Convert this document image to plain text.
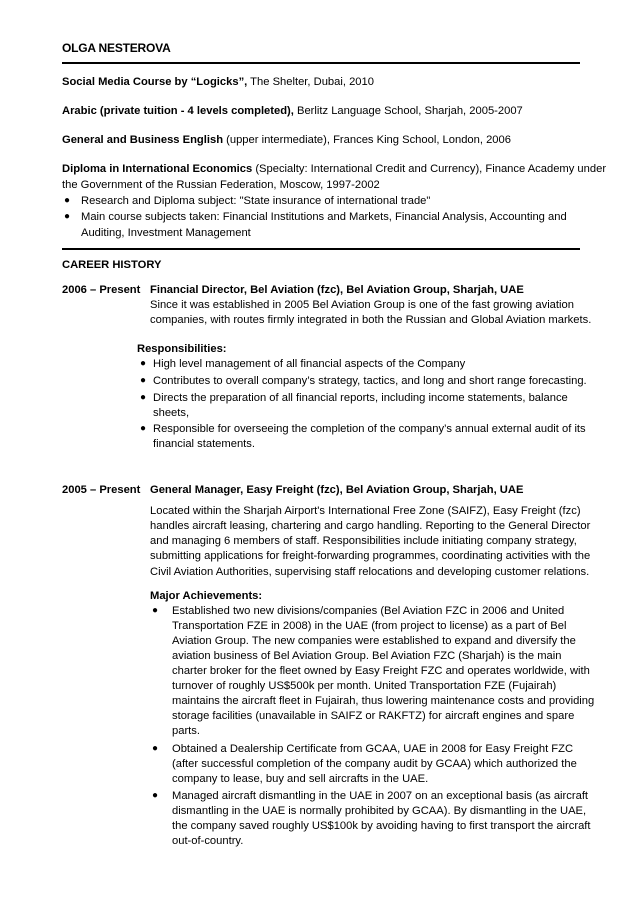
OLGA NESTEROVA
Social Media Course by “Logicks”, The Shelter, Dubai, 2010
Arabic (private tuition - 4 levels completed), Berlitz Language School, Sharjah, 2005-2007
General and Business English (upper intermediate), Frances King School, London, 2006
Diploma in International Economics (Specialty: International Credit and Currency), Finance Academy under
the Government of the Russian Federation, Moscow, 1997-2002
● Research and Diploma subject: "State insurance of international trade"
● Main course subjects taken: Financial Institutions and Markets, Financial Analysis, Accounting and
Auditing, Investment Management
CAREER HISTORY
2006 – Present Financial Director, Bel Aviation (fzc), Bel Aviation Group, Sharjah, UAE
Since it was established in 2005 Bel Aviation Group is one of the fast growing aviation
companies, with routes firmly integrated in both the Russian and Global Aviation markets.
Responsibilities:
● High level management of all financial aspects of the Company
● Contributes to overall company’s strategy, tactics, and long and short range forecasting.
● Directs the preparation of all financial reports, including income statements, balance
sheets,
● Responsible for overseeing the completion of the company’s annual external audit of its
financial statements.
2005 – Present General Manager, Easy Freight (fzc), Bel Aviation Group, Sharjah, UAE
Located within the Sharjah Airport's International Free Zone (SAIFZ), Easy Freight (fzc)
handles aircraft leasing, chartering and cargo handling. Reporting to the General Director
and managing 6 members of staff. Responsibilities include initiating company strategy,
submitting applications for freight-forwarding programmes, coordinating activities with the
Civil Aviation Authorities, supervising staff relocations and developing customer relations.
Major Achievements:
● Established two new divisions/companies (Bel Aviation FZC in 2006 and United
Transportation FZE in 2008) in the UAE (from project to license) as a part of Bel
Aviation Group. The new companies were established to expand and diversify the
aviation business of Bel Aviation Group. Bel Aviation FZC (Sharjah) is the main
charter broker for the fleet owned by Easy Freight FZC and operates worldwide, with
turnover of roughly US$500k per month. United Transportation FZE (Fujairah)
maintains the aircraft fleet in Fujairah, thus lowering maintenance costs and providing
storage facilities (unavailable in SAIFZ or RAKFTZ) for aircraft engines and spare
parts.
● Obtained a Dealership Certificate from GCAA, UAE in 2008 for Easy Freight FZC
(after successful completion of the company audit by GCAA) which authorized the
company to lease, buy and sell aircrafts in the UAE.
● Managed aircraft dismantling in the UAE in 2007 on an exceptional basis (as aircraft
dismantling in the UAE is normally prohibited by GCAA). By dismantling in the UAE,
the company saved roughly US$100k by avoiding having to first transport the aircraft
out-of-country.
